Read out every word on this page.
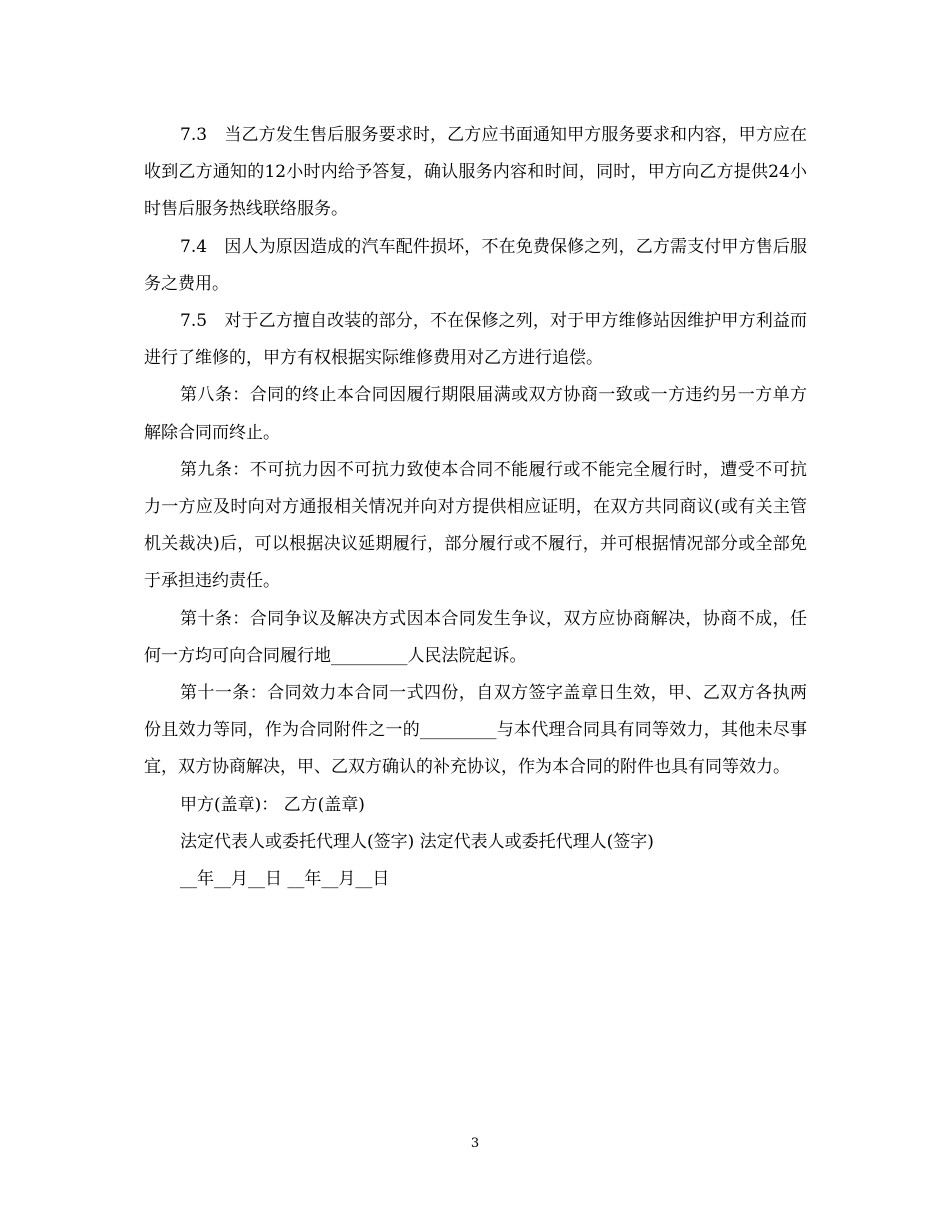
7.3　当乙方发生售后服务要求时，乙方应书面通知甲方服务要求和内容，甲方应在收到乙方通知的12小时内给予答复，确认服务内容和时间，同时，甲方向乙方提供24小时售后服务热线联络服务。

7.4　因人为原因造成的汽车配件损坏，不在免费保修之列，乙方需支付甲方售后服务之费用。

7.5　对于乙方擅自改装的部分，不在保修之列，对于甲方维修站因维护甲方利益而进行了维修的，甲方有权根据实际维修费用对乙方进行追偿。

第八条：合同的终止本合同因履行期限届满或双方协商一致或一方违约另一方单方解除合同而终止。

第九条：不可抗力因不可抗力致使本合同不能履行或不能完全履行时，遭受不可抗力一方应及时向对方通报相关情况并向对方提供相应证明，在双方共同商议(或有关主管机关裁决)后，可以根据决议延期履行，部分履行或不履行，并可根据情况部分或全部免于承担违约责任。

第十条：合同争议及解决方式因本合同发生争议，双方应协商解决，协商不成，任何一方均可向合同履行地_________人民法院起诉。

第十一条：合同效力本合同一式四份，自双方签字盖章日生效，甲、乙双方各执两份且效力等同，作为合同附件之一的_________与本代理合同具有同等效力，其他未尽事宜，双方协商解决，甲、乙双方确认的补充协议，作为本合同的附件也具有同等效力。

甲方(盖章)： 乙方(盖章)

法定代表人或委托代理人(签字) 法定代表人或委托代理人(签字)

__年__月__日 __年__月__日

3
